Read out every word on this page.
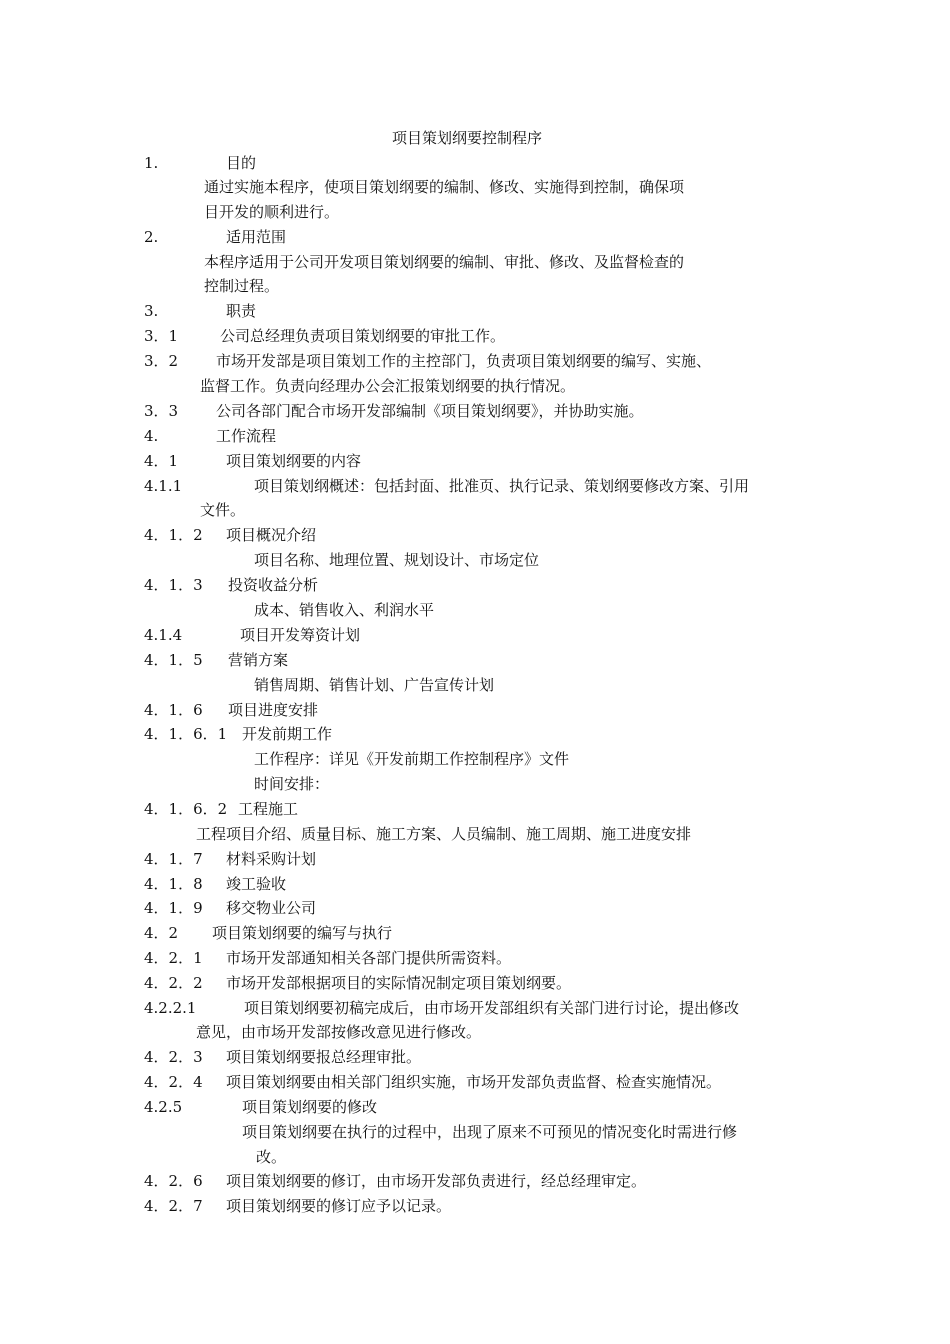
项目策划纲要控制程序
1.	目的
通过实施本程序，使项目策划纲要的编制、修改、实施得到控制，确保项
目开发的顺利进行。
2.	适用范围
本程序适用于公司开发项目策划纲要的编制、审批、修改、及监督检查的
控制过程。
3.	职责
3．1	公司总经理负责项目策划纲要的审批工作。
3．2	市场开发部是项目策划工作的主控部门，负责项目策划纲要的编写、实施、
监督工作。负责向经理办公会汇报策划纲要的执行情况。
3．3	公司各部门配合市场开发部编制《项目策划纲要》，并协助实施。
4.	工作流程
4．1	项目策划纲要的内容
4.1.1	项目策划纲概述：包括封面、批准页、执行记录、策划纲要修改方案、引用
文件。
4．1．2 项目概况介绍
项目名称、地理位置、规划设计、市场定位
4．1．3 投资收益分析
成本、销售收入、利润水平
4.1.4	项目开发筹资计划
4．1．5 营销方案
销售周期、销售计划、广告宣传计划
4．1．6 项目进度安排
4．1．6．1 开发前期工作
工作程序：详见《开发前期工作控制程序》文件
时间安排：
4．1．6．2 工程施工
工程项目介绍、质量目标、施工方案、人员编制、施工周期、施工进度安排
4．1．7 材料采购计划
4．1．8 竣工验收
4．1．9 移交物业公司
4．2 项目策划纲要的编写与执行
4．2．1 市场开发部通知相关各部门提供所需资料。
4．2．2 市场开发部根据项目的实际情况制定项目策划纲要。
4.2.2.1	项目策划纲要初稿完成后，由市场开发部组织有关部门进行讨论，提出修改
意见，由市场开发部按修改意见进行修改。
4．2．3 项目策划纲要报总经理审批。
4．2．4 项目策划纲要由相关部门组织实施，市场开发部负责监督、检查实施情况。
4.2.5	项目策划纲要的修改
项目策划纲要在执行的过程中，出现了原来不可预见的情况变化时需进行修
改。
4．2．6 项目策划纲要的修订，由市场开发部负责进行，经总经理审定。
4．2．7 项目策划纲要的修订应予以记录。
